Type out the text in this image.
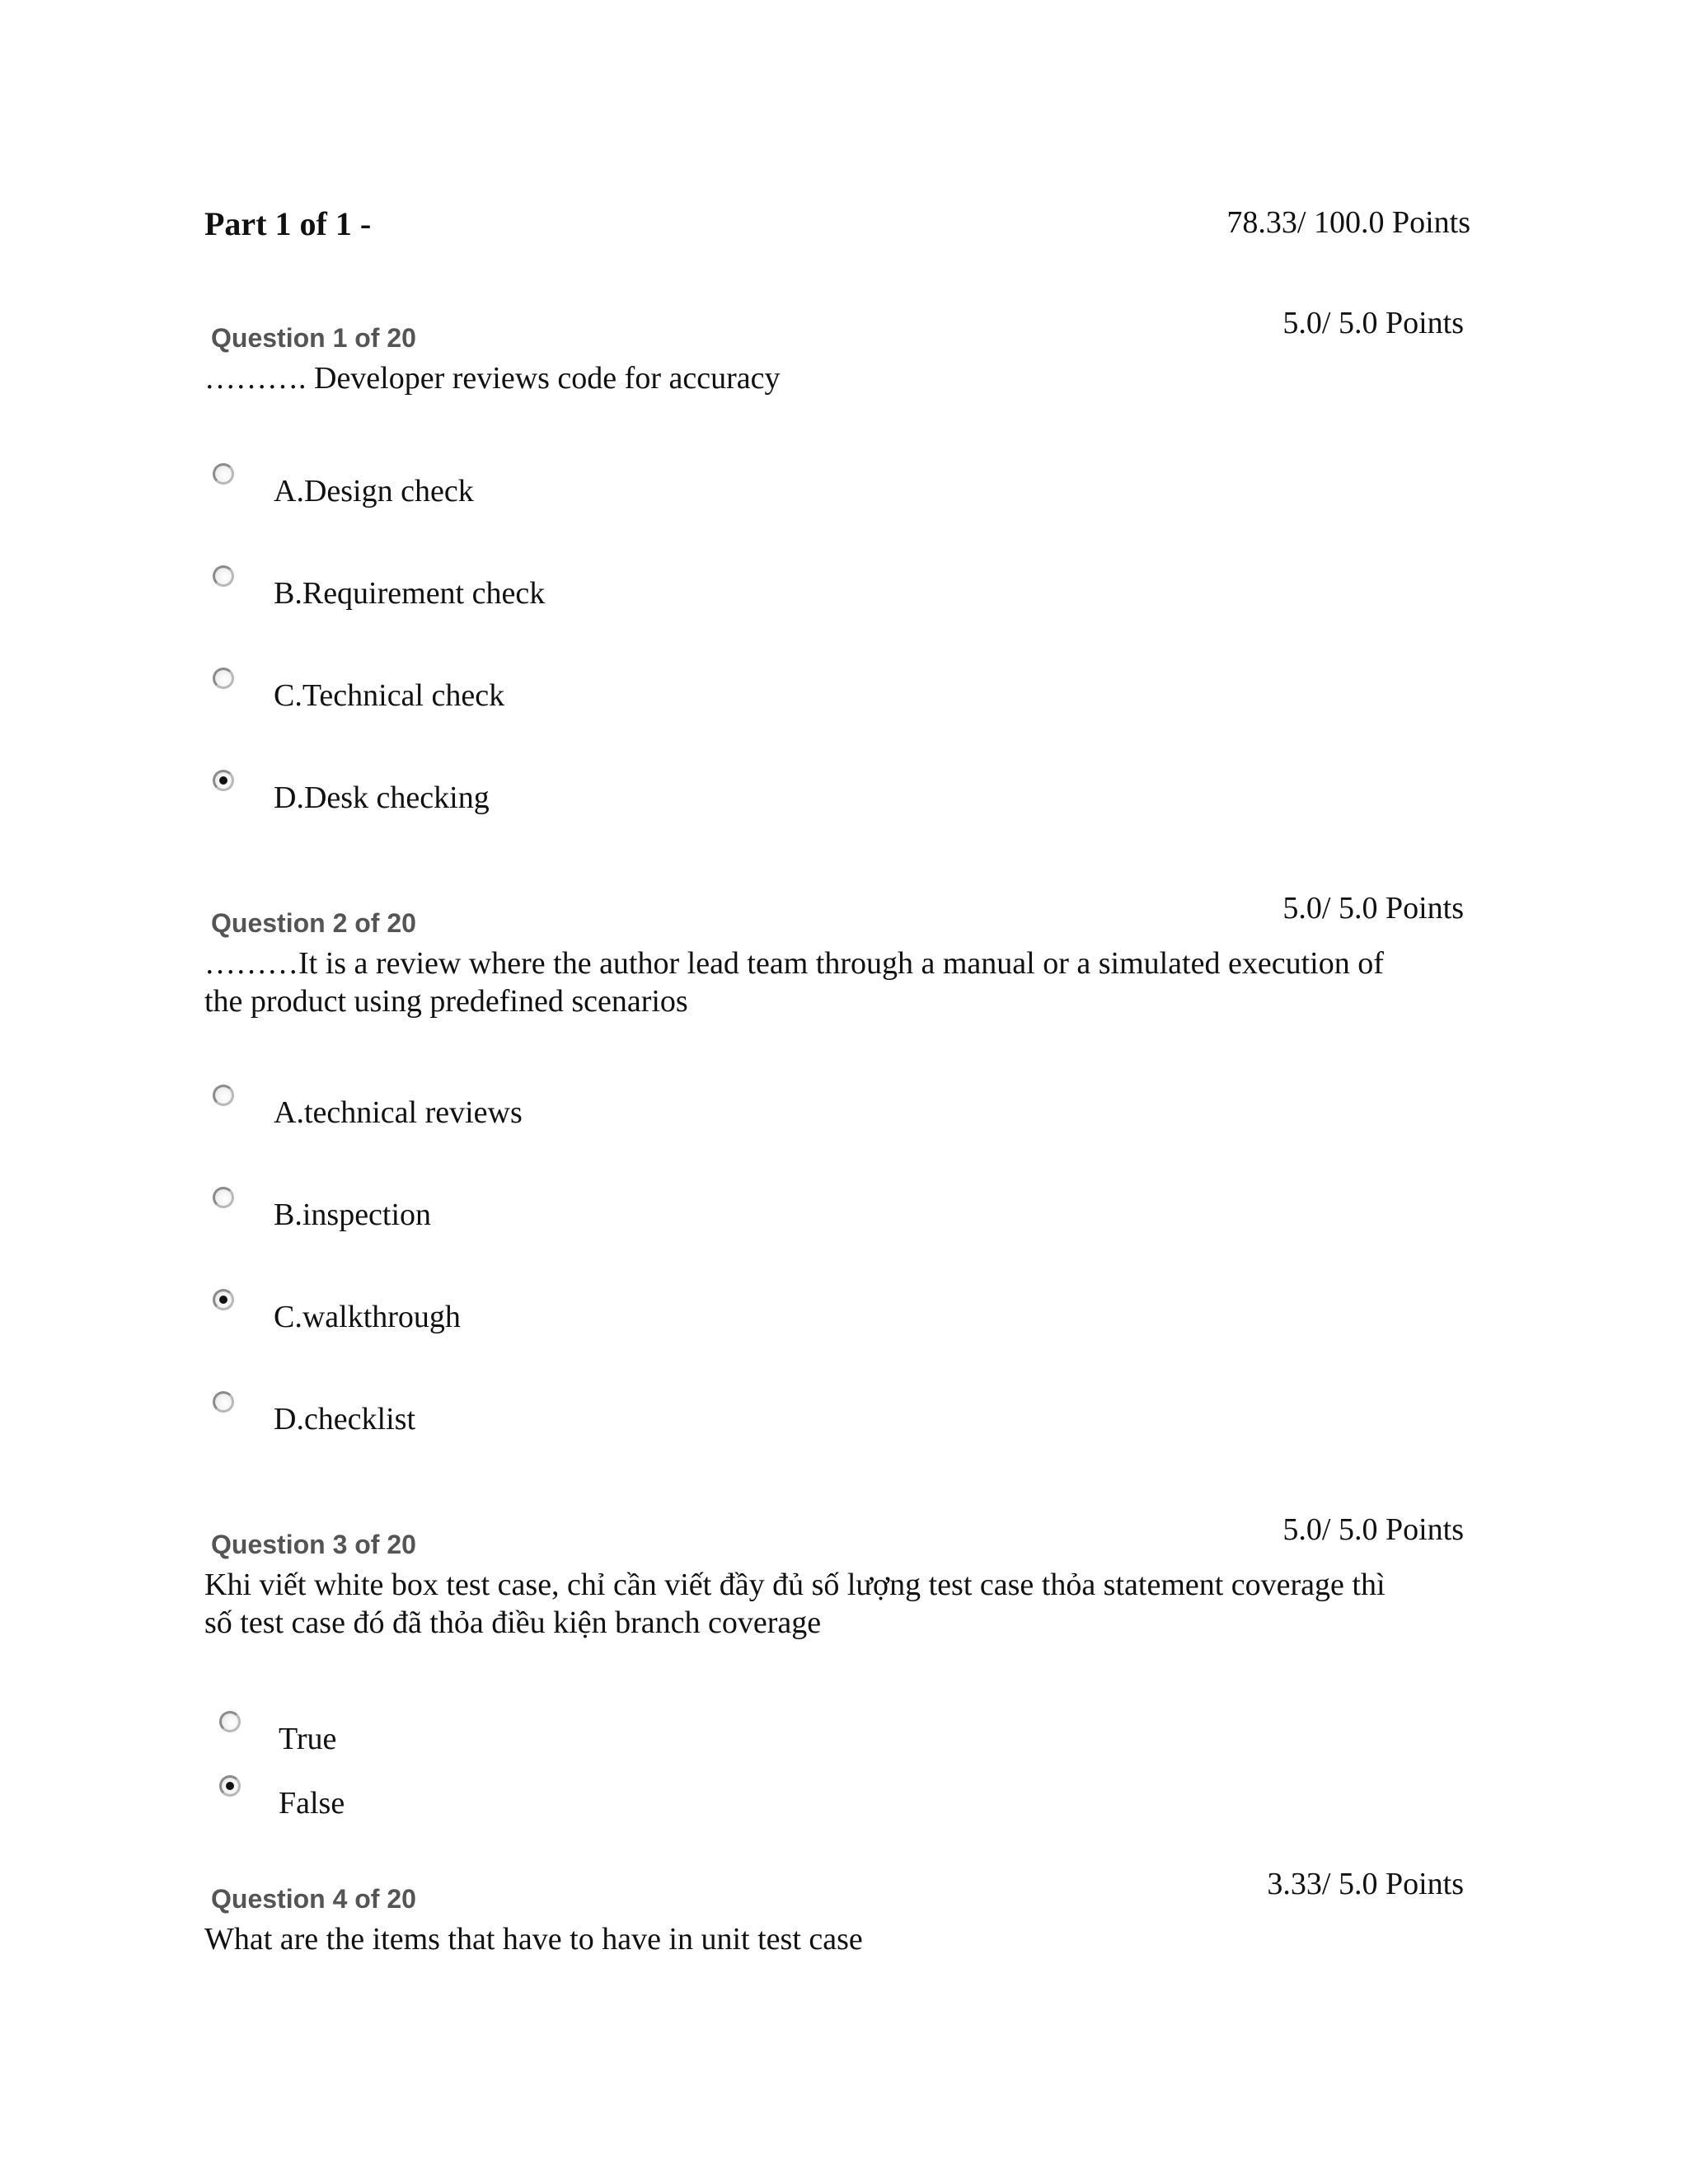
Part 1 of 1 -	78.33/ 100.0 Points
5.0/ 5.0 Points
Question 1 of 20
………. Developer reviews code for accuracy
A.Design check
B.Requirement check
C.Technical check
D.Desk checking
5.0/ 5.0 Points
Question 2 of 20
………It is a review where the author lead team through a manual or a simulated execution of
the product using predefined scenarios
A.technical reviews
B.inspection
C.walkthrough
D.checklist
5.0/ 5.0 Points
Question 3 of 20
Khi viết white box test case, chỉ cần viết đầy đủ số lượng test case thỏa statement coverage thì
số test case đó đã thỏa điều kiện branch coverage
True
False
3.33/ 5.0 Points
Question 4 of 20
What are the items that have to have in unit test case
